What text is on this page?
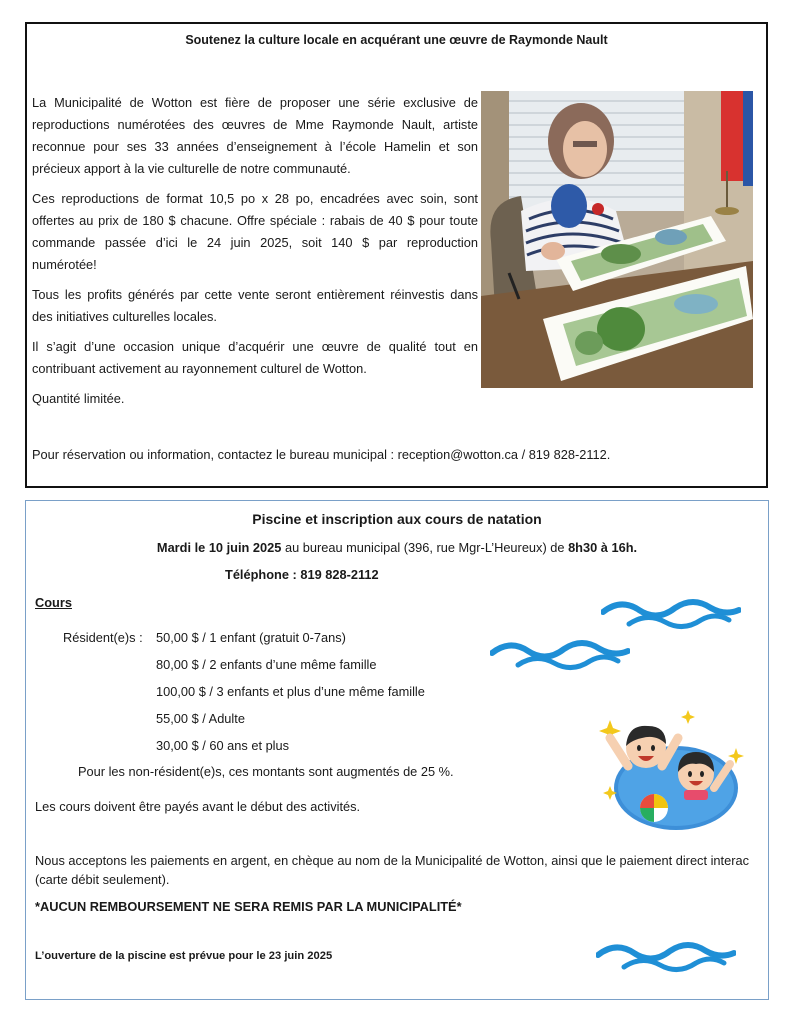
Soutenez la culture locale en acquérant une œuvre de Raymonde Nault

La Municipalité de Wotton est fière de proposer une série exclusive de reproductions numérotées des œuvres de Mme Raymonde Nault, artiste reconnue pour ses 33 années d’enseignement à l’école Hamelin et son précieux apport à la vie culturelle de notre communauté.

Ces reproductions de format 10,5 po x 28 po, encadrées avec soin, sont offertes au prix de 180 $ chacune. Offre spéciale : rabais de 40 $ pour toute commande passée d’ici le 24 juin 2025, soit 140 $ par reproduction numérotée!

Tous les profits générés par cette vente seront entièrement réinvestis dans des initiatives culturelles locales.

Il s’agit d’une occasion unique d’acquérir une œuvre de qualité tout en contribuant activement au rayonnement culturel de Wotton.

Quantité limitée.

Pour réservation ou information, contactez le bureau municipal : reception@wotton.ca / 819 828-2112.
Piscine et inscription aux cours de natation
Mardi le 10 juin 2025 au bureau municipal (396, rue Mgr-L’Heureux) de 8h30 à 16h.
Téléphone : 819 828-2112
Cours
Résident(e)s :	50,00 $ / 1 enfant (gratuit 0-7ans)
80,00 $ / 2 enfants d’une même famille
100,00 $ / 3 enfants et plus d’une même famille
55,00 $ / Adulte
30,00 $ / 60 ans et plus
Pour les non-résident(e)s, ces montants sont augmentés de 25 %.
Les cours doivent être payés avant le début des activités.
Nous acceptons les paiements en argent, en chèque au nom de la Municipalité de Wotton, ainsi que le paiement direct interac (carte débit seulement).
*AUCUN REMBOURSEMENT NE SERA REMIS PAR LA MUNICIPALITÉ*
L’ouverture de la piscine est prévue pour le 23 juin 2025
